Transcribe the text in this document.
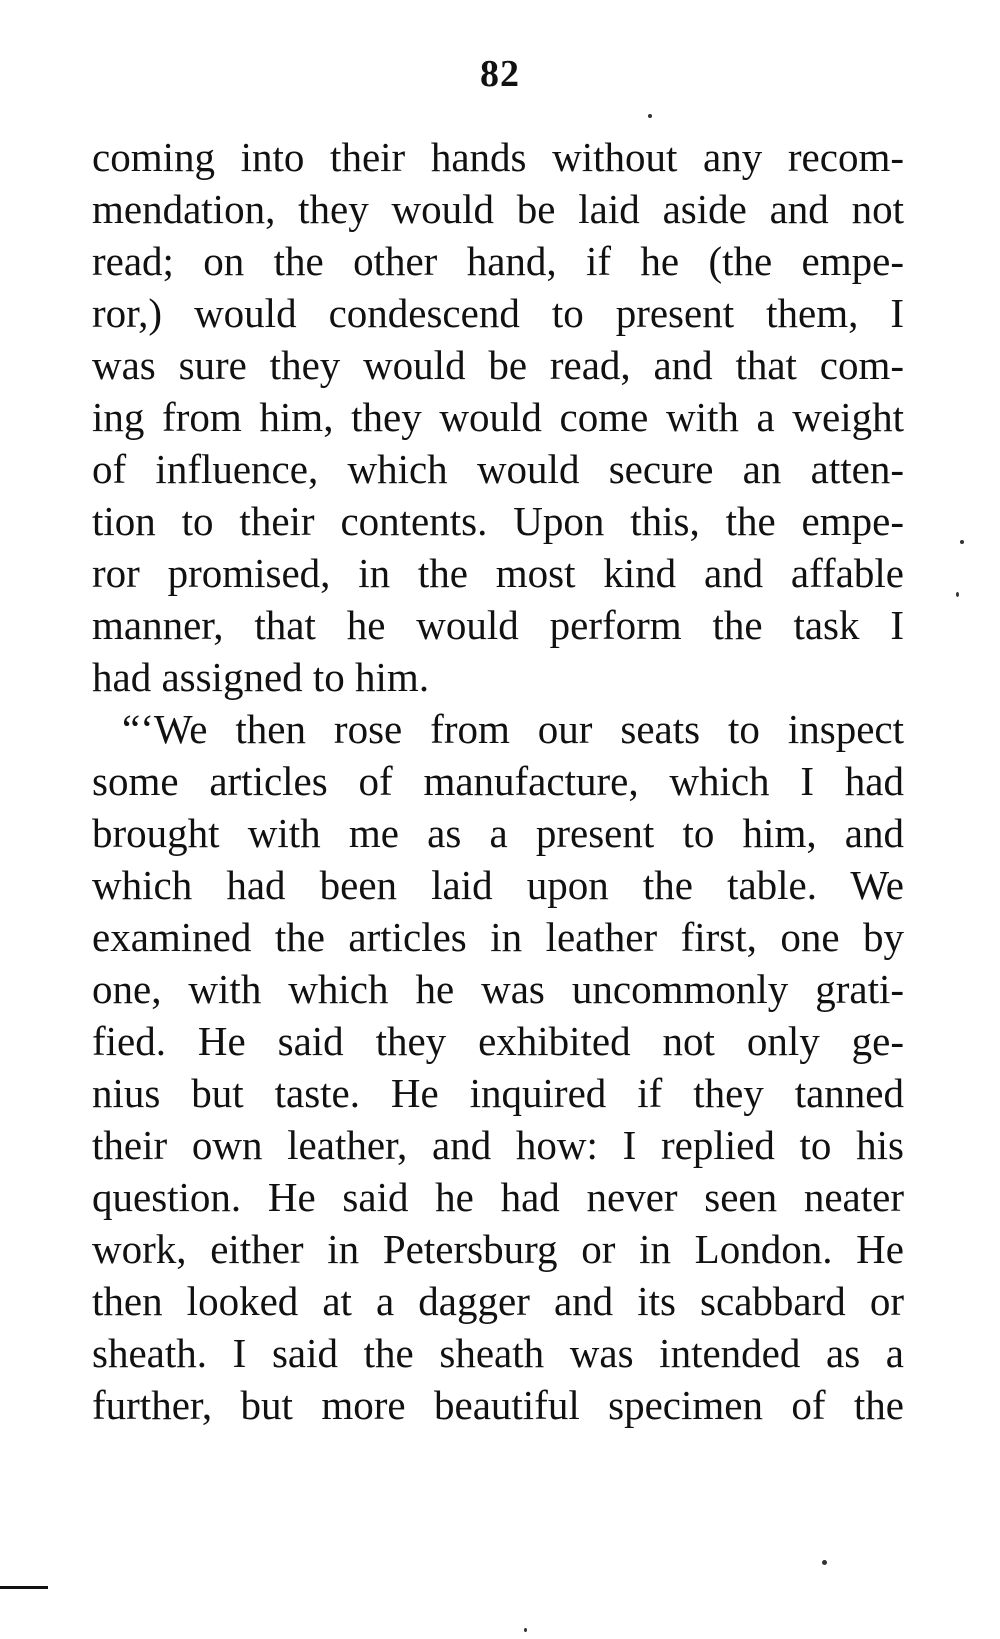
82
coming into their hands without any recom-
mendation, they would be laid aside and not
read; on the other hand, if he (the empe-
ror,) would condescend to present them, I
was sure they would be read, and that com-
ing from him, they would come with a weight
of influence, which would secure an atten-
tion to their contents. Upon this, the empe-
ror promised, in the most kind and affable
manner, that he would perform the task I
had assigned to him.
“‘We then rose from our seats to inspect
some articles of manufacture, which I had
brought with me as a present to him, and
which had been laid upon the table. We
examined the articles in leather first, one by
one, with which he was uncommonly grati-
fied. He said they exhibited not only ge-
nius but taste. He inquired if they tanned
their own leather, and how: I replied to his
question. He said he had never seen neater
work, either in Petersburg or in London. He
then looked at a dagger and its scabbard or
sheath. I said the sheath was intended as a
further, but more beautiful specimen of the
